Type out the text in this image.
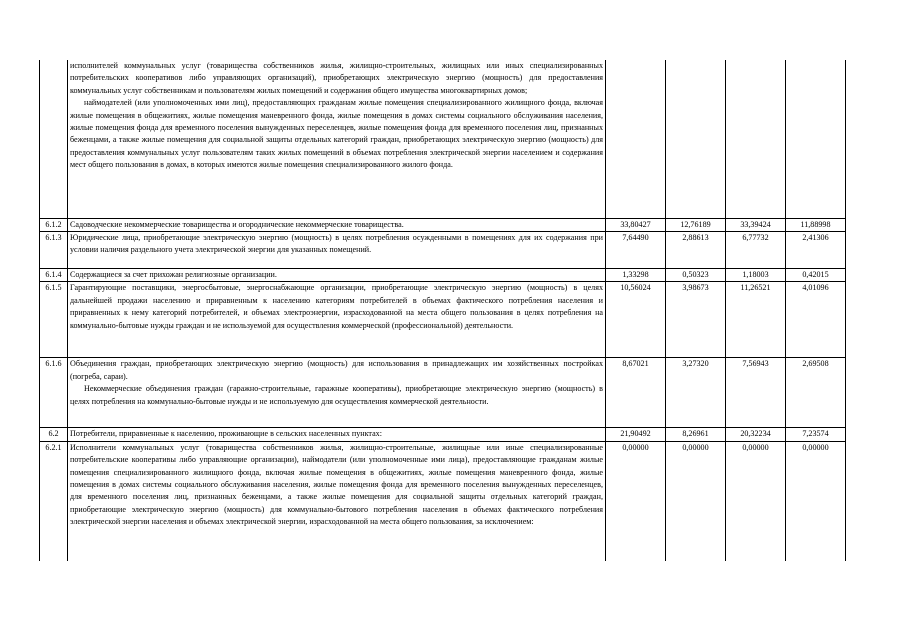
	исполнителей коммунальных услуг (товарищества собственников жилья, жилищно-строительных, жилищных или иных специализированных потребительских кооперативов либо управляющих организаций), приобретающих электрическую энергию (мощность) для предоставления коммунальных услуг собственникам и пользователям жилых помещений и содержания общего имущества многоквартирных домов;

наймодателей (или уполномоченных ими лиц), предоставляющих гражданам жилые помещения специализированного жилищного фонда, включая жилые помещения в общежитиях, жилые помещения маневренного фонда, жилые помещения в домах системы социального обслуживания населения, жилые помещения фонда для временного поселения вынужденных переселенцев, жилые помещения фонда для временного поселения лиц, признанных беженцами, а также жилые помещения для социальной защиты отдельных категорий граждан, приобретающих электрическую энергию (мощность) для предоставления коммунальных услуг пользователям таких жилых помещений в объемах потребления электрической энергии населением и содержания мест общего пользования в домах, в которых имеются жилые помещения специализированного жилого фонда.				

6.1.2	Садоводческие некоммерческие товарищества и огороднические некоммерческие товарищества.	33,80427	12,76189	33,39424	11,88998
6.1.3	Юридические лица, приобретающие электрическую энергию (мощность) в целях потребления осужденными в помещениях для их содержания при условии наличия раздельного учета электрической энергии для указанных помещений.	7,64490	2,88613	6,77732	2,41306
6.1.4	Содержащиеся за счет прихожан религиозные организации.	1,33298	0,50323	1,18003	0,42015
6.1.5	Гарантирующие поставщики, энергосбытовые, энергоснабжающие организации, приобретающие электрическую энергию (мощность) в целях дальнейшей продажи населению и приравненным к населению категориям потребителей в объемах фактического потребления населения и приравненных к нему категорий потребителей, и объемах электроэнергии, израсходованной на места общего пользования в целях потребления на коммунально-бытовые нужды граждан и не используемой для осуществления коммерческой (профессиональной) деятельности.	10,56024	3,98673	11,26521	4,01096
6.1.6	Объединения граждан, приобретающих электрическую энергию (мощность) для использования в принадлежащих им хозяйственных постройках (погреба, сараи).

Некоммерческие объединения граждан (гаражно-строительные, гаражные кооперативы), приобретающие электрическую энергию (мощность) в целях потребления на коммунально-бытовые нужды и не используемую для осуществления коммерческой деятельности.	8,67021	3,27320	7,56943	2,69508
6.2	Потребители, приравненные к населению, проживающие в сельских населенных пунктах:	21,90492	8,26961	20,32234	7,23574
6.2.1	Исполнители коммунальных услуг (товарищества собственников жилья, жилищно-строительные, жилищные или иные специализированные потребительские кооперативы либо управляющие организации), наймодатели (или уполномоченные ими лица), предоставляющие гражданам жилые помещения специализированного жилищного фонда, включая жилые помещения в общежитиях, жилые помещения маневренного фонда, жилые помещения в домах системы социального обслуживания населения, жилые помещения фонда для временного поселения вынужденных переселенцев, для временного поселения лиц, признанных беженцами, а также жилые помещения для социальной защиты отдельных категорий граждан, приобретающие электрическую энергию (мощность) для коммунально-бытового потребления населения в объемах фактического потребления электрической энергии населения и объемах электрической энергии, израсходованной на места общего пользования, за исключением:	0,00000	0,00000	0,00000	0,00000
